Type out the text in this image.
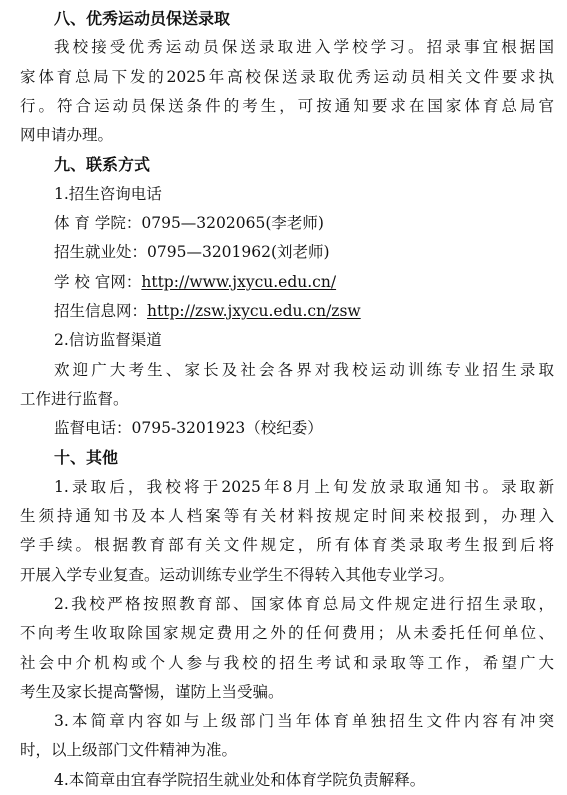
八、优秀运动员保送录取
我校接受优秀运动员保送录取进入学校学习。招录事宜根据国
家体育总局下发的2025年高校保送录取优秀运动员相关文件要求执
行。符合运动员保送条件的考生，可按通知要求在国家体育总局官
网申请办理。
九、联系方式
1.招生咨询电话
体 育 学院：0795—3202065(李老师)
招生就业处：0795—3201962(刘老师)
学 校 官网：http://www.jxycu.edu.cn/
招生信息网：http://zsw.jxycu.edu.cn/zsw
2.信访监督渠道
欢迎广大考生、家长及社会各界对我校运动训练专业招生录取
工作进行监督。
监督电话：0795-3201923（校纪委）
十、其他
1.录取后，我校将于2025年8月上旬发放录取通知书。录取新
生须持通知书及本人档案等有关材料按规定时间来校报到，办理入
学手续。根据教育部有关文件规定，所有体育类录取考生报到后将
开展入学专业复查。运动训练专业学生不得转入其他专业学习。
2.我校严格按照教育部、国家体育总局文件规定进行招生录取，
不向考生收取除国家规定费用之外的任何费用；从未委托任何单位、
社会中介机构或个人参与我校的招生考试和录取等工作，希望广大
考生及家长提高警惕，谨防上当受骗。
3.本简章内容如与上级部门当年体育单独招生文件内容有冲突
时，以上级部门文件精神为准。
4.本简章由宜春学院招生就业处和体育学院负责解释。
